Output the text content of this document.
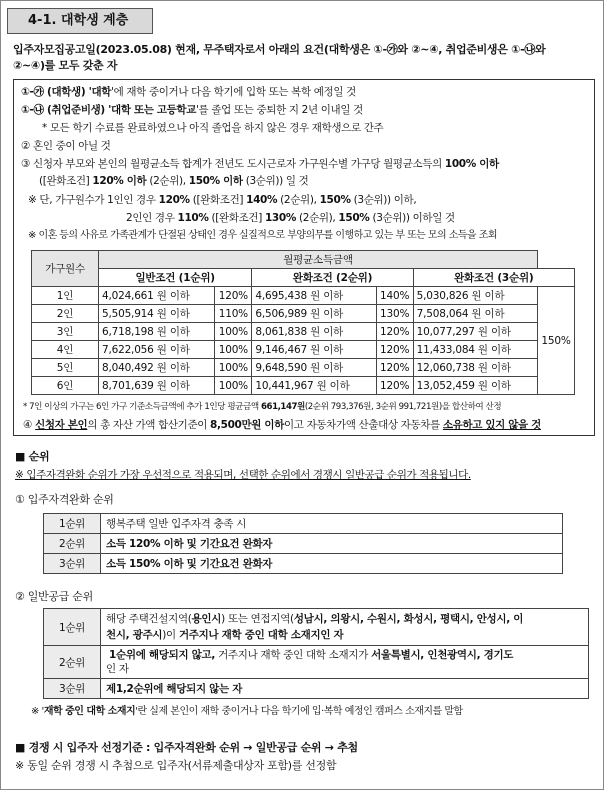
4-1. 대학생 계층
입주자모집공고일(2023.05.08) 현재, 무주택자로서 아래의 요건(대학생은 ①-㉮와 ②~④, 취업준비생은 ①-㉯와
②~④)를 모두 갖춘 자
①-㉮ (대학생) '대학'에 재학 중이거나 다음 학기에 입학 또는 복학 예정일 것
①-㉯ (취업준비생) '대학 또는 고등학교'를 졸업 또는 중퇴한 지 2년 이내일 것
* 모든 학기 수료를 완료하였으나 아직 졸업을 하지 않은 경우 재학생으로 간주
② 혼인 중이 아닐 것
③ 신청자 부모와 본인의 월평균소득 합계가 전년도 도시근로자 가구원수별 가구당 월평균소득의 100% 이하
([완화조건] 120% 이하 (2순위), 150% 이하 (3순위)) 일 것
※ 단, 가구원수가 1인인 경우 120% ([완화조건] 140% (2순위), 150% (3순위)) 이하,
2인인 경우 110% ([완화조건] 130% (2순위), 150% (3순위)) 이하일 것
※ 이혼 등의 사유로 가족관계가 단절된 상태인 경우 실질적으로 부양의무를 이행하고 있는 부 또는 모의 소득을 조회
* 7인 이상의 가구는 6인 가구 기준소득금액에 추가 1인당 평균금액 661,147원(2순위 793,376원, 3순위 991,721원)을 합산하여 산정
④ 신청자 본인의 총 자산 가액 합산기준이 8,500만원 이하이고 자동차가액 산출대상 자동차를 소유하고 있지 않을 것
가구원수	월평균소득금액					
	일반조건 (1순위)		완화조건 (2순위)		완화조건 (3순위)	
1인	4,024,661 원 이하	120%	4,695,438 원 이하	140%	5,030,826 원 이하	150%
2인	5,505,914 원 이하	110%	6,506,989 원 이하	130%	7,508,064 원 이하	
3인	6,718,198 원 이하	100%	8,061,838 원 이하	120%	10,077,297 원 이하	
4인	7,622,056 원 이하	100%	9,146,467 원 이하	120%	11,433,084 원 이하	
5인	8,040,492 원 이하	100%	9,648,590 원 이하	120%	12,060,738 원 이하	
6인	8,701,639 원 이하	100%	10,441,967 원 이하	120%	13,052,459 원 이하	
■ 순위
※ 입주자격완화 순위가 가장 우선적으로 적용되며, 선택한 순위에서 경쟁시 일반공급 순위가 적용됩니다.
① 입주자격완화 순위
1순위	행복주택 일반 입주자격 충족 시
2순위	소득 120% 이하 및 기간요건 완화자
3순위	소득 150% 이하 및 기간요건 완화자
② 일반공급 순위
1순위	해당 주택건설지역(용인시) 또는 연접지역(성남시, 의왕시, 수원시, 화성시, 평택시, 안성시, 이
천시, 광주시)이 거주지나 재학 중인 대학 소재지인 자
2순위	1순위에 해당되지 않고, 거주지나 재학 중인 대학 소재지가 서울특별시, 인천광역시, 경기도
인 자
3순위	제1,2순위에 해당되지 않는 자
※ '재학 중인 대학 소재지'란 실제 본인이 재학 중이거나 다음 학기에 입·복학 예정인 캠퍼스 소재지를 말함
■ 경쟁 시 입주자 선정기준 : 입주자격완화 순위 → 일반공급 순위 → 추첨
※ 동일 순위 경쟁 시 추첨으로 입주자(서류제출대상자 포함)를 선정함
